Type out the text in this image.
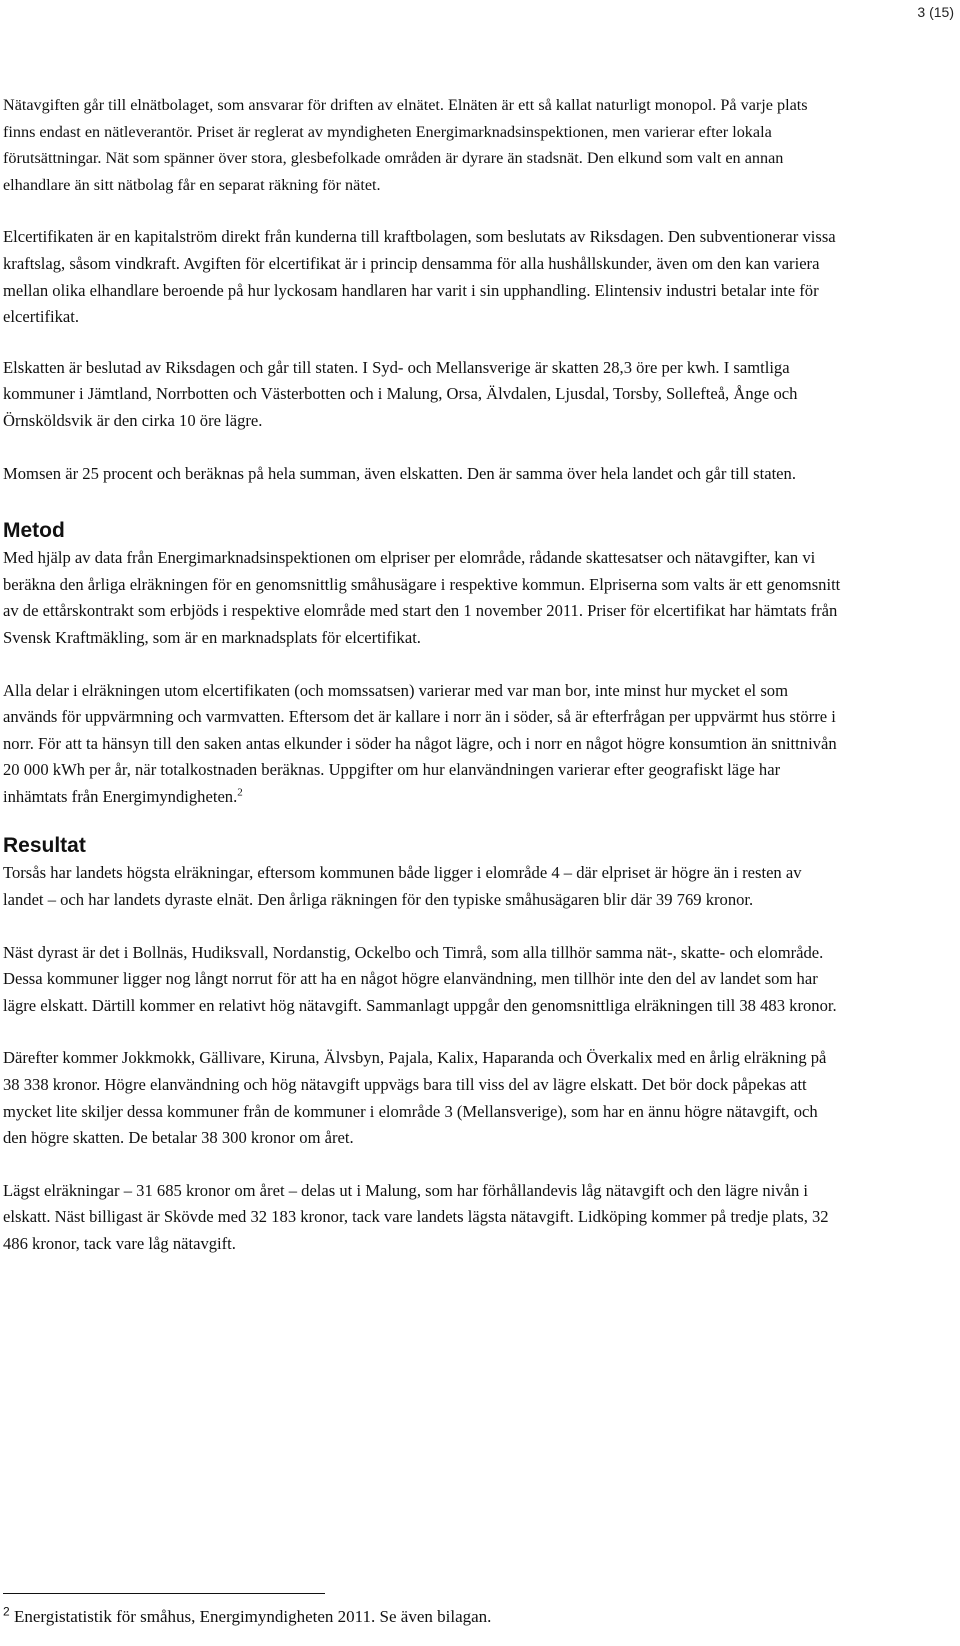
3 (15)

Nätavgiften går till elnätbolaget, som ansvarar för driften av elnätet. Elnäten är ett så kallat naturligt monopol. På varje plats finns endast en nätleverantör. Priset är reglerat av myndigheten Energimarknadsinspektionen, men varierar efter lokala förutsättningar. Nät som spänner över stora, glesbefolkade områden är dyrare än stadsnät. Den elkund som valt en annan elhandlare än sitt nätbolag får en separat räkning för nätet.

Elcertifikaten är en kapitalström direkt från kunderna till kraftbolagen, som beslutats av Riksdagen. Den subventionerar vissa kraftslag, såsom vindkraft. Avgiften för elcertifikat är i princip densamma för alla hushållskunder, även om den kan variera mellan olika elhandlare beroende på hur lyckosam handlaren har varit i sin upphandling. Elintensiv industri betalar inte för elcertifikat.

Elskatten är beslutad av Riksdagen och går till staten. I Syd- och Mellansverige är skatten 28,3 öre per kwh. I samtliga kommuner i Jämtland, Norrbotten och Västerbotten och i Malung, Orsa, Älvdalen, Ljusdal, Torsby, Sollefteå, Ånge och Örnsköldsvik är den cirka 10 öre lägre.

Momsen är 25 procent och beräknas på hela summan, även elskatten. Den är samma över hela landet och går till staten.

Metod

Med hjälp av data från Energimarknadsinspektionen om elpriser per elområde, rådande skattesatser och nätavgifter, kan vi beräkna den årliga elräkningen för en genomsnittlig småhusägare i respektive kommun. Elpriserna som valts är ett genomsnitt av de ettårskontrakt som erbjöds i respektive elområde med start den 1 november 2011. Priser för elcertifikat har hämtats från Svensk Kraftmäkling, som är en marknadsplats för elcertifikat.

Alla delar i elräkningen utom elcertifikaten (och momssatsen) varierar med var man bor, inte minst hur mycket el som används för uppvärmning och varmvatten. Eftersom det är kallare i norr än i söder, så är efterfrågan per uppvärmt hus större i norr. För att ta hänsyn till den saken antas elkunder i söder ha något lägre, och i norr en något högre konsumtion än snittnivån 20 000 kWh per år, när totalkostnaden beräknas. Uppgifter om hur elanvändningen varierar efter geografiskt läge har inhämtats från Energimyndigheten.$^2$

Resultat

Torsås har landets högsta elräkningar, eftersom kommunen både ligger i elområde 4 – där elpriset är högre än i resten av landet – och har landets dyraste elnät. Den årliga räkningen för den typiske småhusägaren blir där 39 769 kronor.

Näst dyrast är det i Bollnäs, Hudiksvall, Nordanstig, Ockelbo och Timrå, som alla tillhör samma nät-, skatte- och elområde. Dessa kommuner ligger nog långt norrut för att ha en något högre elanvändning, men tillhör inte den del av landet som har lägre elskatt. Därtill kommer en relativt hög nätavgift. Sammanlagt uppgår den genomsnittliga elräkningen till 38 483 kronor.

Därefter kommer Jokkmokk, Gällivare, Kiruna, Älvsbyn, Pajala, Kalix, Haparanda och Överkalix med en årlig elräkning på 38 338 kronor. Högre elanvändning och hög nätavgift uppvägs bara till viss del av lägre elskatt. Det bör dock påpekas att mycket lite skiljer dessa kommuner från de kommuner i elområde 3 (Mellansverige), som har en ännu högre nätavgift, och den högre skatten. De betalar 38 300 kronor om året.

Lägst elräkningar – 31 685 kronor om året – delas ut i Malung, som har förhållandevis låg nätavgift och den lägre nivån i elskatt. Näst billigast är Skövde med 32 183 kronor, tack vare landets lägsta nätavgift. Lidköping kommer på tredje plats, 32 486 kronor, tack vare låg nätavgift.

$^2$ Energistatistik för småhus, Energimyndigheten 2011. Se även bilagan.
